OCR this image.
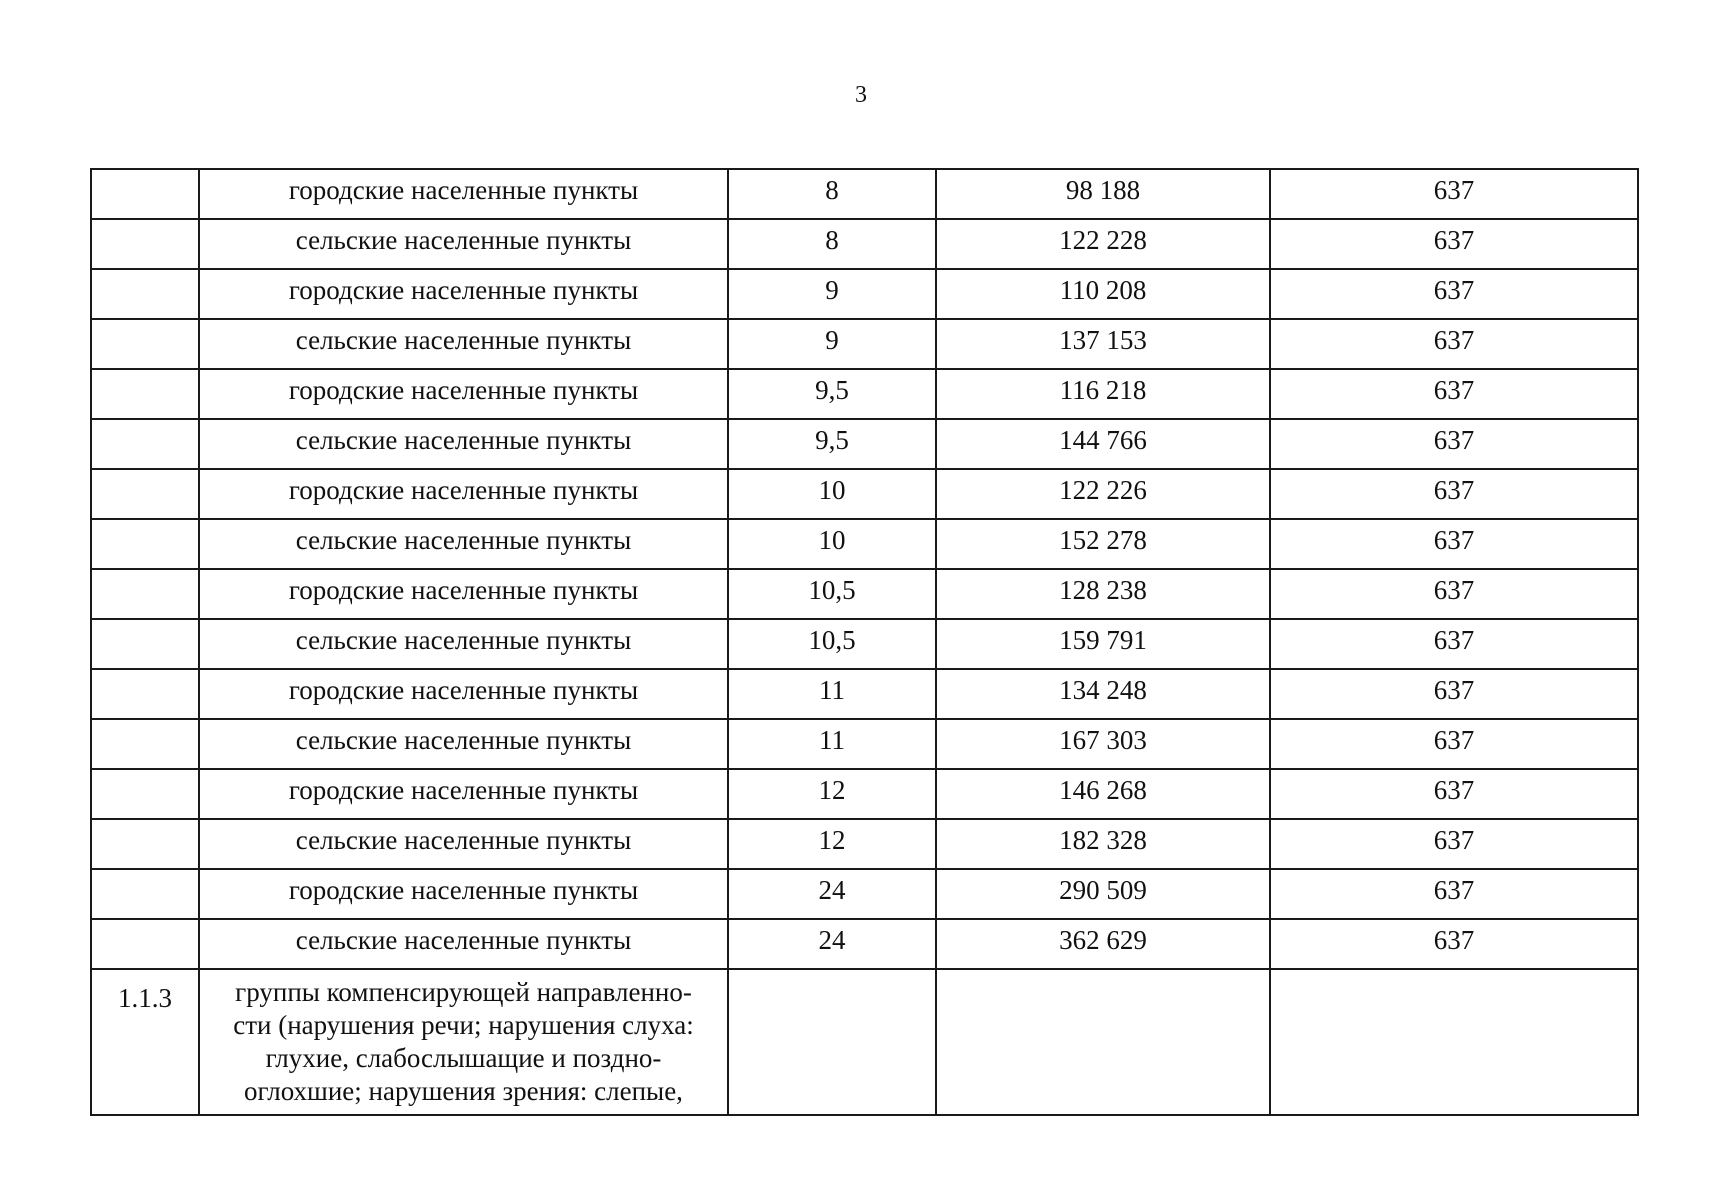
3
	городские населенные пункты	8	98 188	637
	сельские населенные пункты	8	122 228	637
	городские населенные пункты	9	110 208	637
	сельские населенные пункты	9	137 153	637
	городские населенные пункты	9,5	116 218	637
	сельские населенные пункты	9,5	144 766	637
	городские населенные пункты	10	122 226	637
	сельские населенные пункты	10	152 278	637
	городские населенные пункты	10,5	128 238	637
	сельские населенные пункты	10,5	159 791	637
	городские населенные пункты	11	134 248	637
	сельские населенные пункты	11	167 303	637
	городские населенные пункты	12	146 268	637
	сельские населенные пункты	12	182 328	637
	городские населенные пункты	24	290 509	637
	сельские населенные пункты	24	362 629	637
1.1.3	группы компенсирующей направленно-
сти (нарушения речи; нарушения слуха:
глухие, слабослышащие и поздно-
оглохшие; нарушения зрения: слепые,			
